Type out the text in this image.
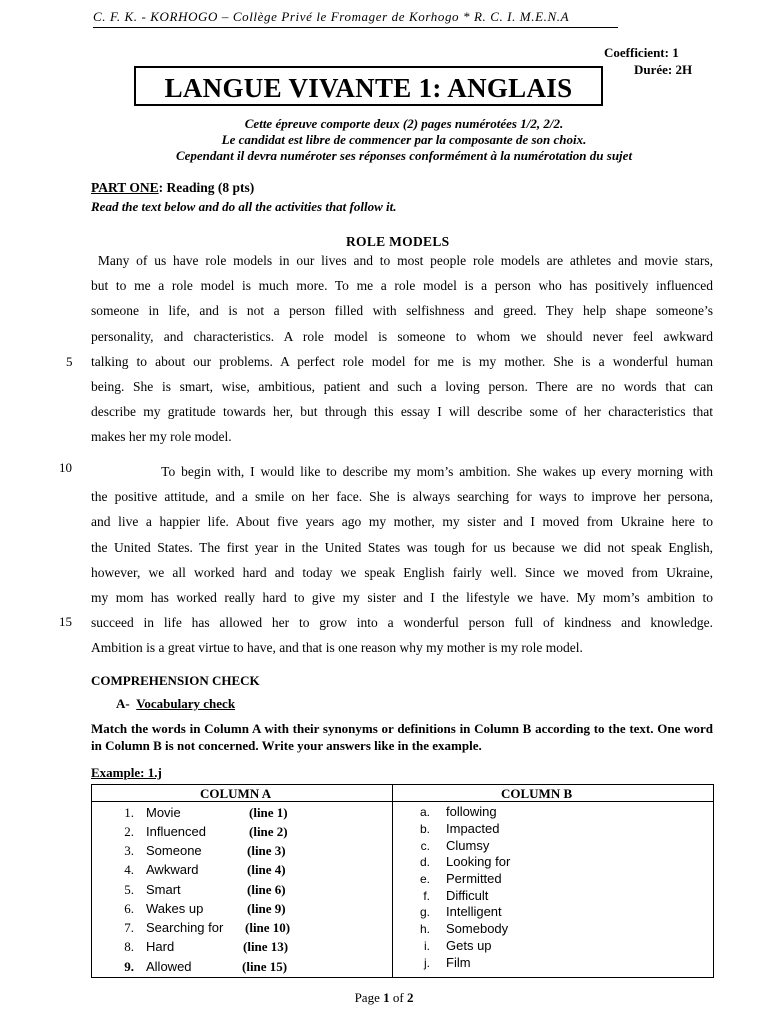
C. F. K. - KORHOGO – Collège Privé le Fromager de Korhogo * R. C. I. M.E.N.A
Coefficient: 1
Durée: 2H
LANGUE VIVANTE 1: ANGLAIS
Cette épreuve comporte deux (2) pages numérotées 1/2, 2/2.
Le candidat est libre de commencer par la composante de son choix.
Cependant il devra numéroter ses réponses conformément à la numérotation du sujet
PART ONE: Reading (8 pts)
Read the text below and do all the activities that follow it.
ROLE MODELS
Many of us have role models in our lives and to most people role models are athletes and movie stars,
but to me a role model is much more. To me a role model is a person who has positively influenced
someone in life, and is not a person filled with selfishness and greed. They help shape someone’s
personality, and characteristics. A role model is someone to whom we should never feel awkward
talking to about our problems. A perfect role model for me is my mother. She is a wonderful human
being. She is smart, wise, ambitious, patient and such a loving person. There are no words that can
describe my gratitude towards her, but through this essay I will describe some of her characteristics that
makes her my role model.
To begin with, I would like to describe my mom’s ambition. She wakes up every morning with
the positive attitude, and a smile on her face. She is always searching for ways to improve her persona,
and live a happier life. About five years ago my mother, my sister and I moved from Ukraine here to
the United States. The first year in the United States was tough for us because we did not speak English,
however, we all worked hard and today we speak English fairly well. Since we moved from Ukraine,
my mom has worked really hard to give my sister and I the lifestyle we have. My mom’s ambition to
succeed in life has allowed her to grow into a wonderful person full of kindness and knowledge.
Ambition is a great virtue to have, and that is one reason why my mother is my role model.
5
10
15
COMPREHENSION CHECK
A- Vocabulary check
Match the words in Column A with their synonyms or definitions in Column B according to the text. One word in Column B is not concerned. Write your answers like in the example.
Example: 1.j
COLUMN A	COLUMN B
1. Movie	(line 1)
2. Influenced	(line 2)
3. Someone	(line 3)
4. Awkward	(line 4)
5. Smart	(line 6)
6. Wakes up	(line 9)
7. Searching for (line 10)
8. Hard	(line 13)
9. Allowed	(line 15)
a. following
b. Impacted
c. Clumsy
d. Looking for
e. Permitted
f. Difficult
g. Intelligent
h. Somebody
i. Gets up
j. Film
Page 1 of 2
